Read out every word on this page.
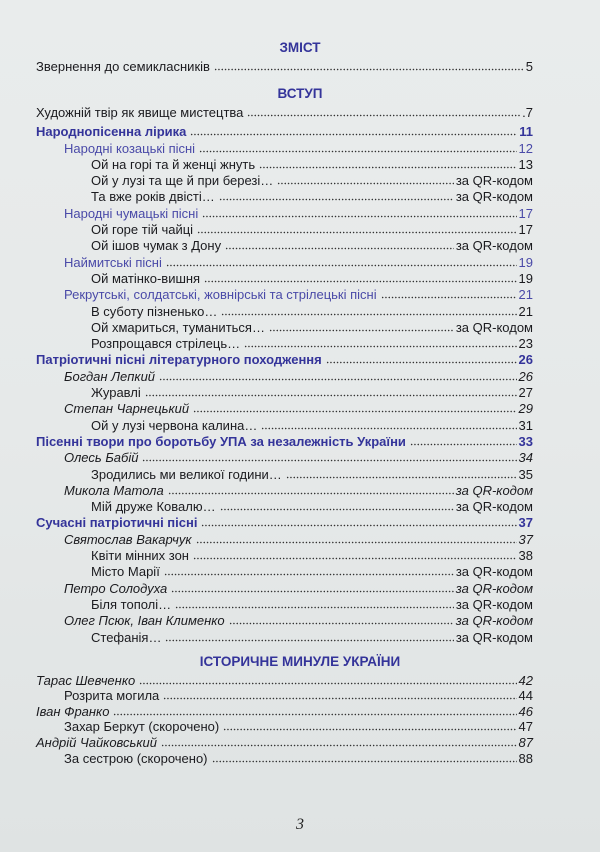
ЗМІСТ
Звернення до семикласників	5
ВСТУП
Художній твір як явище мистецтва	.7
Народнопісенна лірика	11
Народні козацькі пісні	12
Ой на горі та й женці жнуть	13
Ой у лузі та ще й при березі…	за QR-кодом
Та вже років двісті…	за QR-кодом
Народні чумацькі пісні	17
Ой горе тій чайці	17
Ой ішов чумак з Дону	за QR-кодом
Наймитські пісні	19
Ой матінко-вишня	19
Рекрутські, солдатські, жовнірські та стрілецькі пісні	21
В суботу пізненько…	21
Ой хмариться, туманиться…	за QR-кодом
Розпрощався стрілець…	23
Патріотичні пісні літературного походження	26
Богдан Лепкий	26
Журавлі	27
Степан Чарнецький	29
Ой у лузі червона калина…	31
Пісенні твори про боротьбу УПА за незалежність України	33
Олесь Бабій	34
Зродились ми великої години…	35
Микола Матола	за QR-кодом
Мій друже Ковалю…	за QR-кодом
Сучасні патріотичні пісні	37
Святослав Вакарчук	37
Квіти мінних зон	38
Місто Марії	за QR-кодом
Петро Солодуха	за QR-кодом
Біля тополі…	за QR-кодом
Олег Псюк, Іван Клименко	за QR-кодом
Стефанія…	за QR-кодом
ІСТОРИЧНЕ МИНУЛЕ УКРАЇНИ
Тарас Шевченко	42
Розрита могила	44
Іван Франко	46
Захар Беркут (скорочено)	47
Андрій Чайковський	87
За сестрою (скорочено)	88
3
